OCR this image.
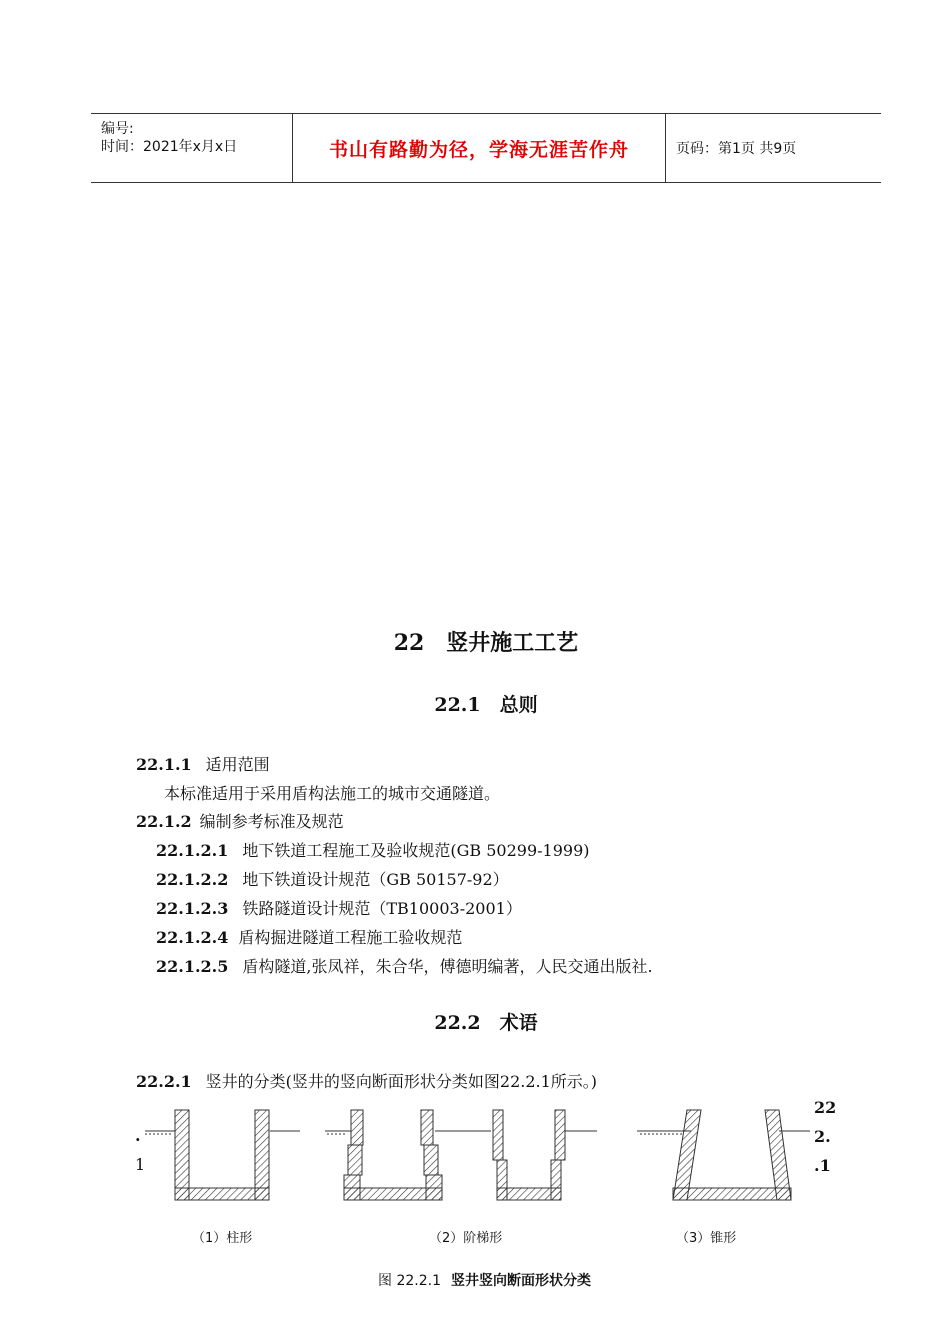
编号:
时间：2021年x月x日	书山有路勤为径，学海无涯苦作舟	页码：第1页 共9页
22　竖井施工工艺
22.1　总则
22.1.1 适用范围
本标准适用于采用盾构法施工的城市交通隧道。
22.1.2 编制参考标准及规范
22.1.2.1 地下铁道工程施工及验收规范(GB 50299-1999)
22.1.2.2 地下铁道设计规范（GB 50157-92）
22.1.2.3 铁路隧道设计规范（TB10003-2001）
22.1.2.4 盾构掘进隧道工程施工验收规范
22.1.2.5 盾构隧道,张凤祥，朱合华，傅德明编著，人民交通出版社.
22.2　术语
22.2.1 竖井的分类(竖井的竖向断面形状分类如图22.2.1所示。)
22
2.
.1
.
1
（1）柱形	（2）阶梯形	（3）锥形
图 22.2.1 竖井竖向断面形状分类
